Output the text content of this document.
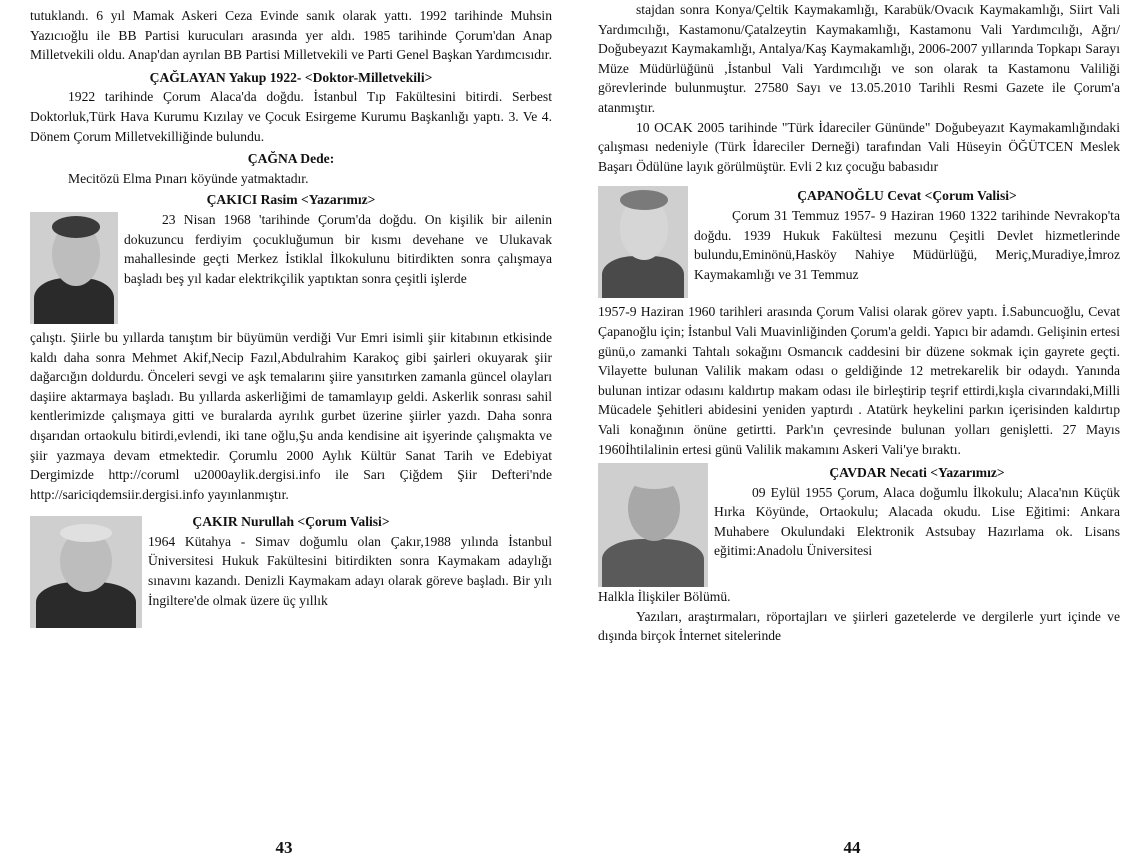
tutuklandı. 6 yıl Mamak Askeri Ceza Evinde sanık olarak yattı. 1992 tarihinde Muhsin Yazıcıoğlu ile BB Partisi kurucuları arasında yer aldı. 1985 tarihinde Çorum'dan Anap Milletvekili oldu. Anap'dan ayrılan BB Partisi Milletvekili ve Parti Genel Başkan Yardımcısıdır.

ÇAĞLAYAN Yakup 1922- <Doktor-Milletvekili>

1922 tarihinde Çorum Alaca'da doğdu. İstanbul Tıp Fakültesini bitirdi. Serbest Doktorluk,Türk Hava Kurumu Kızılay ve Çocuk Esirgeme Kurumu Başkanlığı yaptı. 3. Ve 4. Dönem Çorum Milletvekilliğinde bulundu.

ÇAĞNA Dede:

Mecitözü Elma Pınarı köyünde yatmaktadır.

ÇAKICI Rasim <Yazarımız>

23 Nisan 1968 'tarihinde Çorum'da doğdu. On kişilik bir ailenin dokuzuncu ferdiyim çocukluğumun bir kısmı devehane ve Ulukavak mahallesinde geçti Merkez İstiklal İlkokulunu bitirdikten sonra çalışmaya başladı beş yıl kadar elektrikçilik yaptıktan sonra çeşitli işlerde

çalıştı. Şiirle bu yıllarda tanıştım bir büyümün verdiği Vur Emri isimli şiir kitabının etkisinde kaldı daha sonra Mehmet Akif,Necip Fazıl,Abdulrahim Karakoç gibi şairleri okuyarak şiir dağarcığın doldurdu. Önceleri sevgi ve aşk temalarını şiire yansıtırken zamanla güncel olayları daşiire aktarmaya başladı. Bu yıllarda askerliğimi de tamamlayıp geldi. Askerlik sonrası sahil kentlerimizde çalışmaya gitti ve buralarda ayrılık gurbet üzerine şiirler yazdı. Daha sonra dışarıdan ortaokulu bitirdi,evlendi, iki tane oğlu,Şu anda kendisine ait işyerinde çalışmakta ve şiir yazmaya devam etmektedir. Çorumlu 2000 Aylık Kültür Sanat Tarih ve Edebiyat Dergimizde http://coruml u2000aylik.dergisi.info ile Sarı Çiğdem Şiir Defteri'nde http://sariciqdemsiir.dergisi.info yayınlanmıştır.

ÇAKIR Nurullah <Çorum Valisi>

1964 Kütahya - Simav doğumlu olan Çakır,1988 yılında İstanbul Üniversitesi Hukuk Fakültesini bitirdikten sonra Kaymakam adaylığı sınavını kazandı. Denizli Kaymakam adayı olarak göreve başladı. Bir yılı İngiltere'de olmak üzere üç yıllık

43

stajdan sonra Konya/Çeltik Kaymakamlığı, Karabük/Ovacık Kaymakamlığı, Siirt Vali Yardımcılığı, Kastamonu/Çatalzeytin Kaymakamlığı, Kastamonu Vali Yardımcılığı, Ağrı/ Doğubeyazıt Kaymakamlığı, Antalya/Kaş Kaymakamlığı, 2006-2007 yıllarında Topkapı Sarayı Müze Müdürlüğünü ,İstanbul Vali Yardımcılığı ve son olarak ta Kastamonu Valiliği görevlerinde bulunmuştur. 27580 Sayı ve 13.05.2010 Tarihli Resmi Gazete ile Çorum'a atanmıştır.

10 OCAK 2005 tarihinde "Türk İdareciler Gününde" Doğubeyazıt Kaymakamlığındaki çalışması nedeniyle (Türk İdareciler Derneği) tarafından Vali Hüseyin ÖĞÜTCEN Meslek Başarı Ödülüne layık görülmüştür. Evli 2 kız çocuğu babasıdır

ÇAPANOĞLU Cevat <Çorum Valisi>

Çorum 31 Temmuz 1957- 9 Haziran 1960 1322 tarihinde Nevrakop'ta doğdu. 1939 Hukuk Fakültesi mezunu Çeşitli Devlet hizmetlerinde bulundu,Eminönü,Hasköy Nahiye Müdürlüğü, Meriç,Muradiye,İmroz Kaymakamlığı ve 31 Temmuz

1957-9 Haziran 1960 tarihleri arasında Çorum Valisi olarak görev yaptı. İ.Sabuncuoğlu, Cevat Çapanoğlu için; İstanbul Vali Muavinliğinden Çorum'a geldi. Yapıcı bir adamdı. Gelişinin ertesi günü,o zamanki Tahtalı sokağını Osmancık caddesini bir düzene sokmak için gayrete geçti. Vilayette bulunan Valilik makam odası o geldiğinde 12 metrekarelik bir odaydı. Yanında bulunan intizar odasını kaldırtıp makam odası ile birleştirip teşrif ettirdi,kışla civarındaki,Milli Mücadele Şehitleri abidesini yeniden yaptırdı . Atatürk heykelini parkın içerisinden kaldırtıp Vali konağının önüne getirtti. Park'ın çevresinde bulunan yolları genişletti. 27 Mayıs 1960İhtilalinin ertesi günü Valilik makamını Askeri Vali'ye bıraktı.

ÇAVDAR Necati <Yazarımız>

09 Eylül 1955 Çorum, Alaca doğumlu İlkokulu; Alaca'nın Küçük Hırka Köyünde, Ortaokulu; Alacada okudu. Lise Eğitimi: Ankara Muhabere Okulundaki Elektronik Astsubay Hazırlama ok. Lisans eğitimi:Anadolu Üniversitesi

Halkla İlişkiler Bölümü.

Yazıları, araştırmaları, röportajları ve şiirleri gazetelerde ve dergilerle yurt içinde ve dışında birçok İnternet sitelerinde

44
